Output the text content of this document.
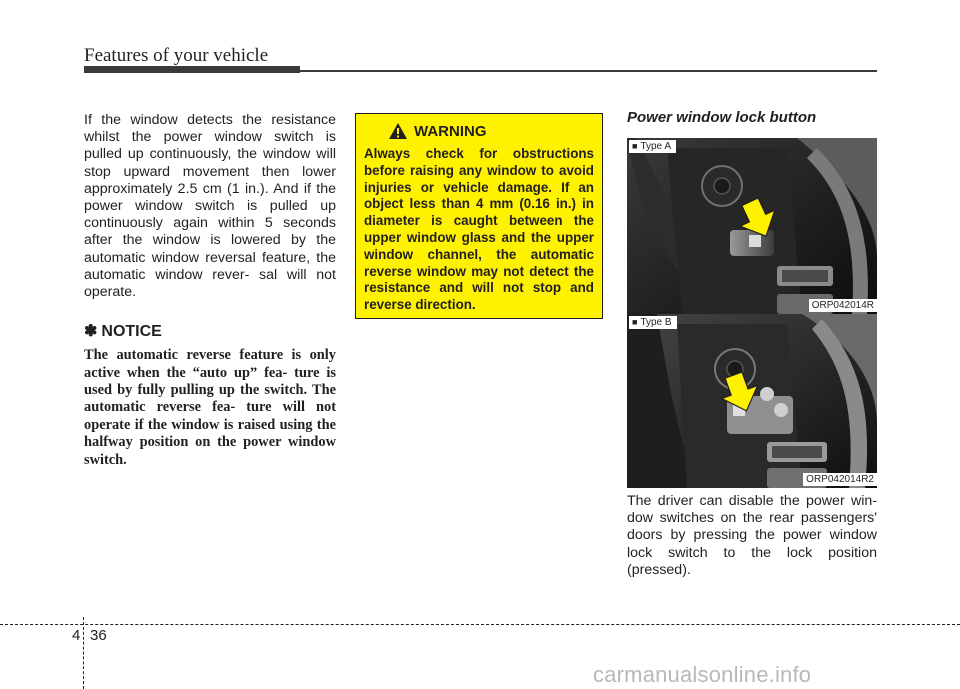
Features of your vehicle

If the window detects the resistance whilst the power window switch is pulled up continuously, the window will stop upward movement then lower approximately 2.5 cm (1 in.). And if the power window switch is pulled up continuously again within 5 seconds after the window is lowered by the automatic window reversal feature, the automatic window rever- sal will not operate.

✽ NOTICE

The automatic reverse feature is only active when the “auto up” fea- ture is used by fully pulling up the switch. The automatic reverse fea- ture will not operate if the window is raised using the halfway position on the power window switch.

WARNING

Always check for obstructions before raising any window to avoid injuries or vehicle damage. If an object less than 4 mm (0.16 in.) in diameter is caught between the upper window glass and the upper window channel, the automatic reverse window may not detect the resistance and will not stop and reverse direction.

Power window lock button
■ Type A
ORP042014R
■ Type B
ORP042014R2

The driver can disable the power win- dow switches on the rear passengers' doors by pressing the power window lock switch to the lock position (pressed).

4 36

carmanualsonline.info
